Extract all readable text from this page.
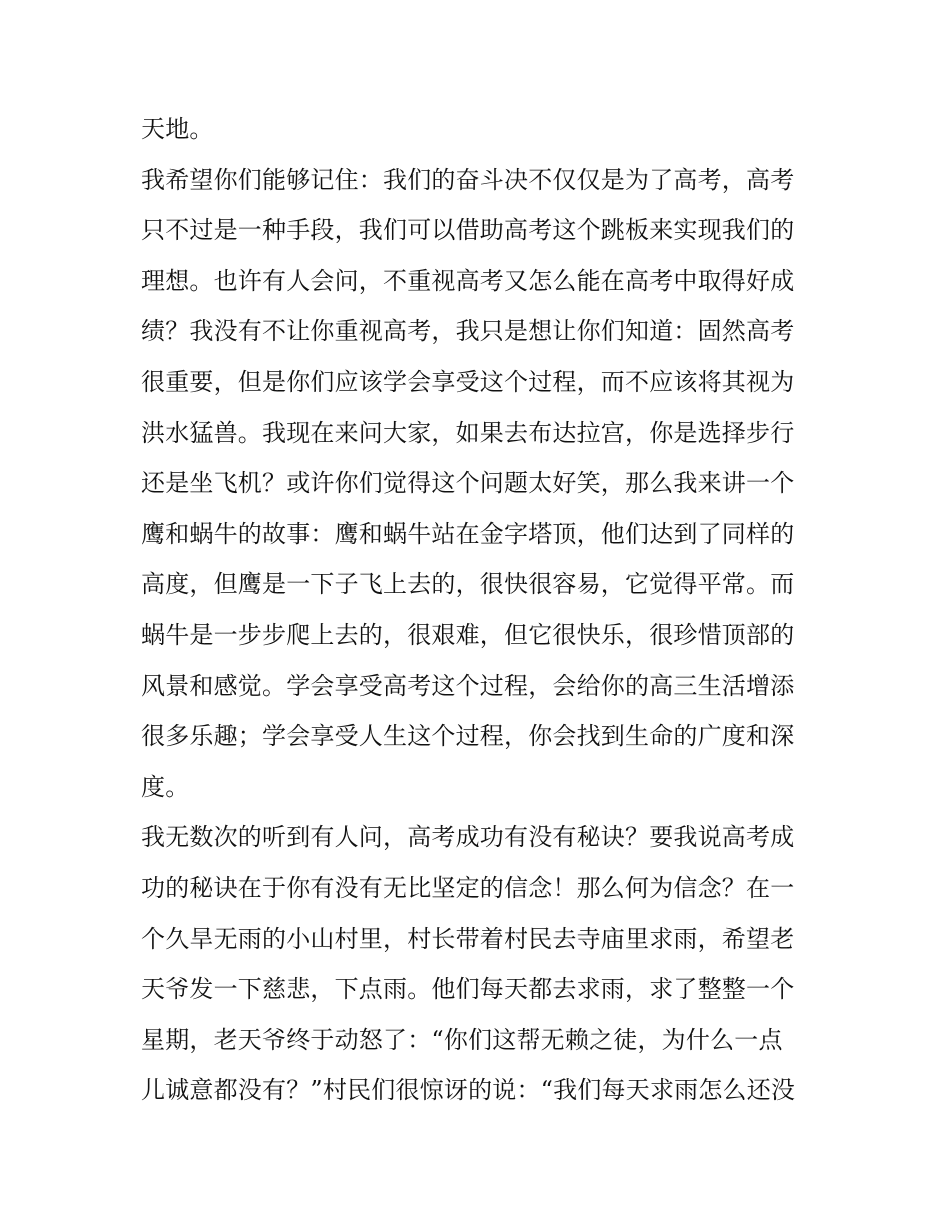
天地。
我希望你们能够记住：我们的奋斗决不仅仅是为了高考，高考
只不过是一种手段，我们可以借助高考这个跳板来实现我们的
理想。也许有人会问，不重视高考又怎么能在高考中取得好成
绩？我没有不让你重视高考，我只是想让你们知道：固然高考
很重要，但是你们应该学会享受这个过程，而不应该将其视为
洪水猛兽。我现在来问大家，如果去布达拉宫，你是选择步行
还是坐飞机？或许你们觉得这个问题太好笑，那么我来讲一个
鹰和蜗牛的故事：鹰和蜗牛站在金字塔顶，他们达到了同样的
高度，但鹰是一下子飞上去的，很快很容易，它觉得平常。而
蜗牛是一步步爬上去的，很艰难，但它很快乐，很珍惜顶部的
风景和感觉。学会享受高考这个过程，会给你的高三生活增添
很多乐趣；学会享受人生这个过程，你会找到生命的广度和深
度。
我无数次的听到有人问，高考成功有没有秘诀？要我说高考成
功的秘诀在于你有没有无比坚定的信念！那么何为信念？在一
个久旱无雨的小山村里，村长带着村民去寺庙里求雨，希望老
天爷发一下慈悲，下点雨。他们每天都去求雨，求了整整一个
星期，老天爷终于动怒了：“你们这帮无赖之徒，为什么一点
儿诚意都没有？”村民们很惊讶的说：“我们每天求雨怎么还没
